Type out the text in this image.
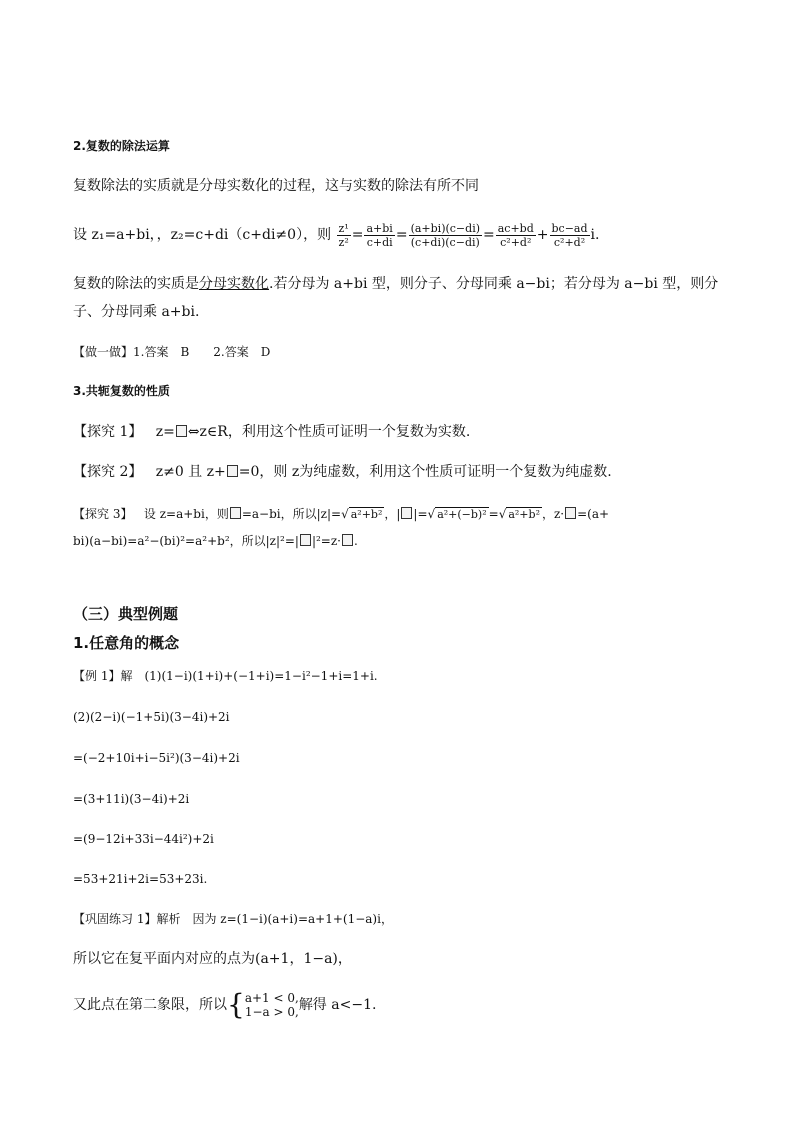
2.复数的除法运算
复数除法的实质就是分母实数化的过程，这与实数的除法有所不同
设 z₁=a+bi，，z₂=c+di（c+di≠0），则 $\frac{\text{z¹}}{\text{z²}} = \frac{a+bi}{c+di} = \frac{(a+bi)(c-di)}{(c+di)(c-di)} = \frac{ac+bd}{\text{c²+d²}} + \frac{bc-ad}{\text{c²+d²}} i$.
复数的除法的实质是分母实数化.若分母为 a+bi 型，则分子、分母同乘 a−bi；若分母为 a−bi 型，则分
子、分母同乘 a+bi.
【做一做】1.答案　B　　2.答案　D
3.共轭复数的性质
【探究 1】 z= ⇔z∈R，利用这个性质可证明一个复数为实数.
【探究 2】 z≠0 且 z+ =0，则 z为纯虚数，利用这个性质可证明一个复数为纯虚数.
【探究 3】 设 z=a+bi，则 =a−bi，所以|z|=√ a²+b² ，| |=√ a²+(−b)² =√ a²+b² ，z· =(a+
bi)(a−bi)=a²−(bi)²=a²+b²，所以|z|²=| |²=z· .
（三）典型例题
1.任意角的概念
【例 1】解　(1)(1−i)(1+i)+(−1+i)=1−i²−1+i=1+i.
(2)(2−i)(−1+5i)(3−4i)+2i
=(−2+10i+i−5i²)(3−4i)+2i
=(3+11i)(3−4i)+2i
=(9−12i+33i−44i²)+2i
=53+21i+2i=53+23i.
【巩固练习 1】解析　因为 z=(1−i)(a+i)=a+1+(1−a)i，
所以它在复平面内对应的点为(a+1，1−a)，
又此点在第二象限，所以{ a+1 < 0,
1−a > 0, 解得 a<−1.
